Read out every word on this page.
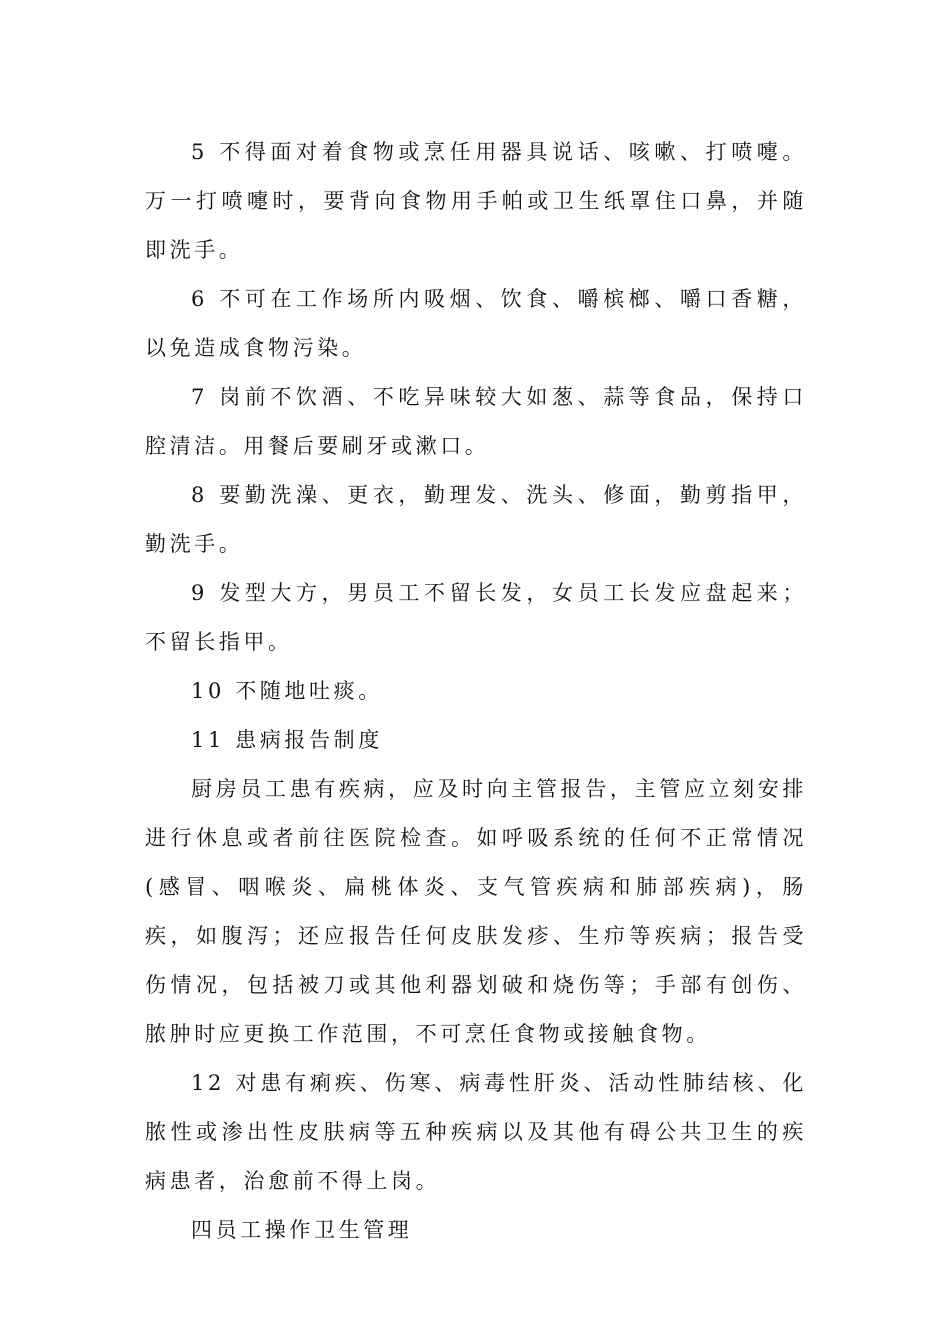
5 不得面对着食物或烹任用器具说话、咳嗽、打喷嚏。万一打喷嚏时，要背向食物用手帕或卫生纸罩住口鼻，并随即洗手。

6 不可在工作场所内吸烟、饮食、嚼槟榔、嚼口香糖，以免造成食物污染。

7 岗前不饮酒、不吃异味较大如葱、蒜等食品，保持口腔清洁。用餐后要刷牙或漱口。

8 要勤洗澡、更衣，勤理发、洗头、修面，勤剪指甲，勤洗手。

9 发型大方，男员工不留长发，女员工长发应盘起来；不留长指甲。

10 不随地吐痰。

11 患病报告制度

厨房员工患有疾病，应及时向主管报告，主管应立刻安排进行休息或者前往医院检查。如呼吸系统的任何不正常情况(感冒、咽喉炎、扁桃体炎、支气管疾病和肺部疾病)，肠疾，如腹泻；还应报告任何皮肤发疹、生疖等疾病；报告受伤情况，包括被刀或其他利器划破和烧伤等；手部有创伤、脓肿时应更换工作范围，不可烹任食物或接触食物。

12 对患有痢疾、伤寒、病毒性肝炎、活动性肺结核、化脓性或渗出性皮肤病等五种疾病以及其他有碍公共卫生的疾病患者，治愈前不得上岗。

四员工操作卫生管理
